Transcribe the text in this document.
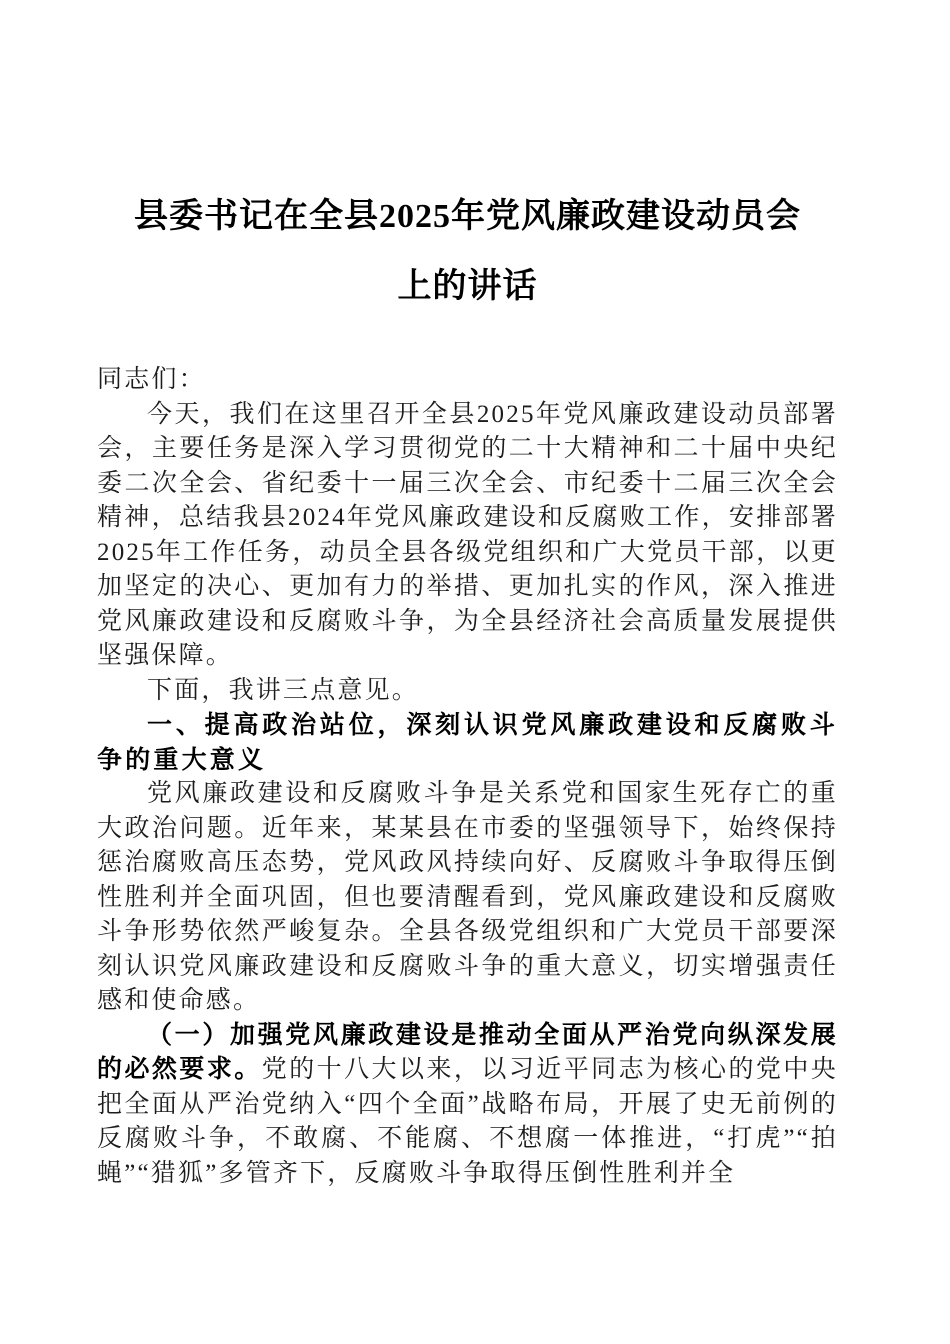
县委书记在全县2025年党风廉政建设动员会
上的讲话

同志们：

今天，我们在这里召开全县2025年党风廉政建设动员部署会，主要任务是深入学习贯彻党的二十大精神和二十届中央纪委二次全会、省纪委十一届三次全会、市纪委十二届三次全会精神，总结我县2024年党风廉政建设和反腐败工作，安排部署2025年工作任务，动员全县各级党组织和广大党员干部，以更加坚定的决心、更加有力的举措、更加扎实的作风，深入推进党风廉政建设和反腐败斗争，为全县经济社会高质量发展提供坚强保障。

下面，我讲三点意见。

一、提高政治站位，深刻认识党风廉政建设和反腐败斗争的重大意义

党风廉政建设和反腐败斗争是关系党和国家生死存亡的重大政治问题。近年来，某某县在市委的坚强领导下，始终保持惩治腐败高压态势，党风政风持续向好、反腐败斗争取得压倒性胜利并全面巩固，但也要清醒看到，党风廉政建设和反腐败斗争形势依然严峻复杂。全县各级党组织和广大党员干部要深刻认识党风廉政建设和反腐败斗争的重大意义，切实增强责任感和使命感。

（一）加强党风廉政建设是推动全面从严治党向纵深发展的必然要求。党的十八大以来，以习近平同志为核心的党中央把全面从严治党纳入“四个全面”战略布局，开展了史无前例的反腐败斗争，不敢腐、不能腐、不想腐一体推进，“打虎”“拍蝇”“猎狐”多管齐下，反腐败斗争取得压倒性胜利并全
